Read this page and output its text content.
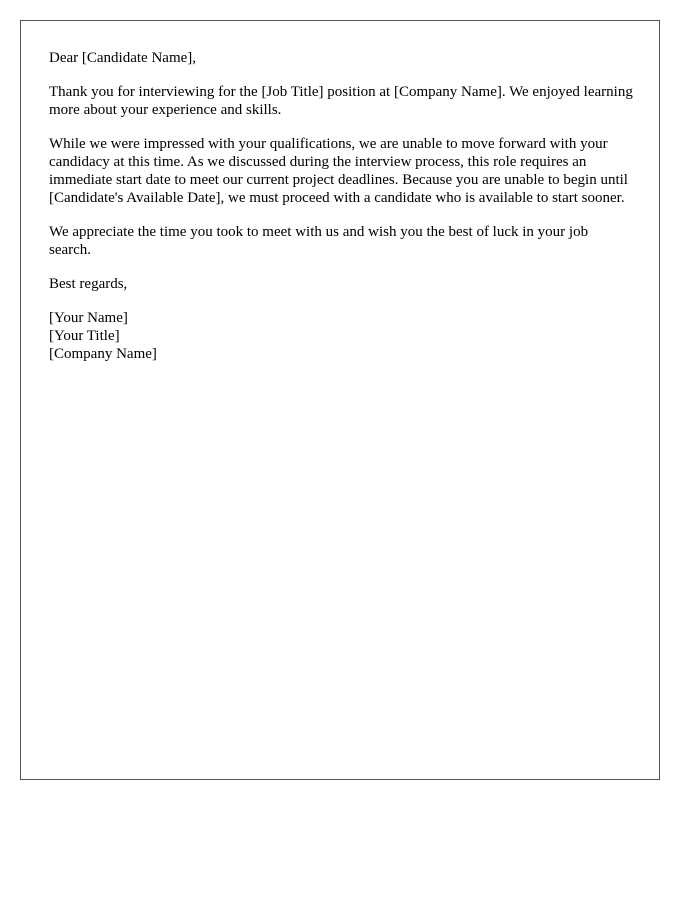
Dear [Candidate Name],

Thank you for interviewing for the [Job Title] position at [Company Name]. We enjoyed learning more about your experience and skills.

While we were impressed with your qualifications, we are unable to move forward with your candidacy at this time. As we discussed during the interview process, this role requires an immediate start date to meet our current project deadlines. Because you are unable to begin until [Candidate's Available Date], we must proceed with a candidate who is available to start sooner.

We appreciate the time you took to meet with us and wish you the best of luck in your job search.

Best regards,

[Your Name]

[Your Title]

[Company Name]
